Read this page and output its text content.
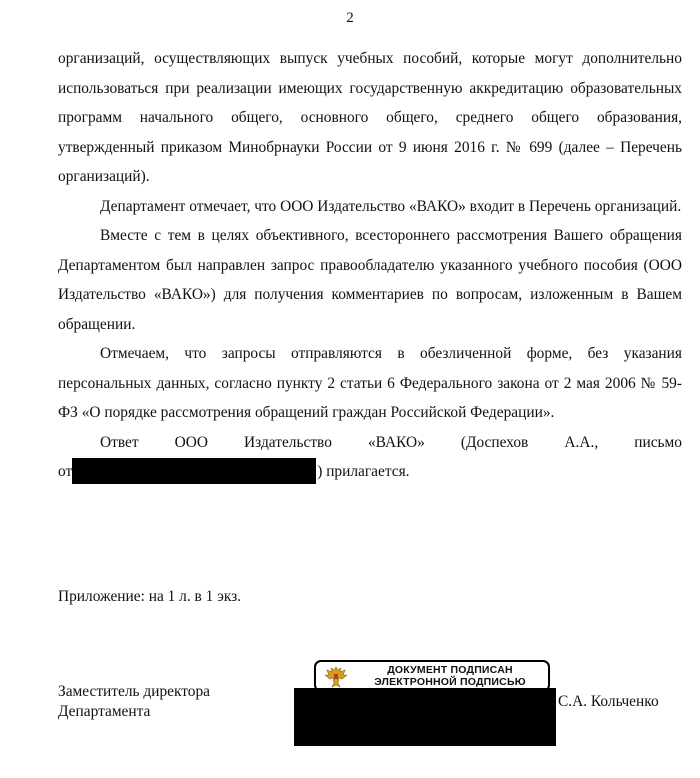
2

организаций, осуществляющих выпуск учебных пособий, которые могут дополнительно использоваться при реализации имеющих государственную аккредитацию образовательных программ начального общего, основного общего, среднего общего образования, утвержденный приказом Минобрнауки России от 9 июня 2016 г. № 699 (далее – Перечень организаций).

Департамент отмечает, что ООО Издательство «ВАКО» входит в Перечень организаций.

Вместе с тем в целях объективного, всестороннего рассмотрения Вашего обращения Департаментом был направлен запрос правообладателю указанного учебного пособия (ООО Издательство «ВАКО») для получения комментариев по вопросам, изложенным в Вашем обращении.

Отмечаем, что запросы отправляются в обезличенной форме, без указания персональных данных, согласно пункту 2 статьи 6 Федерального закона от 2 мая 2006 № 59-ФЗ «О порядке рассмотрения обращений граждан Российской Федерации».

Ответ ООО Издательство «ВАКО» (Доспехов А.А., письмо

от	) прилагается.

Приложение: на 1 л. в 1 экз.
Заместитель директора
Департамента
ДОКУМЕНТ ПОДПИСАН
ЭЛЕКТРОННОЙ ПОДПИСЬЮ
С.А. Кольченко
